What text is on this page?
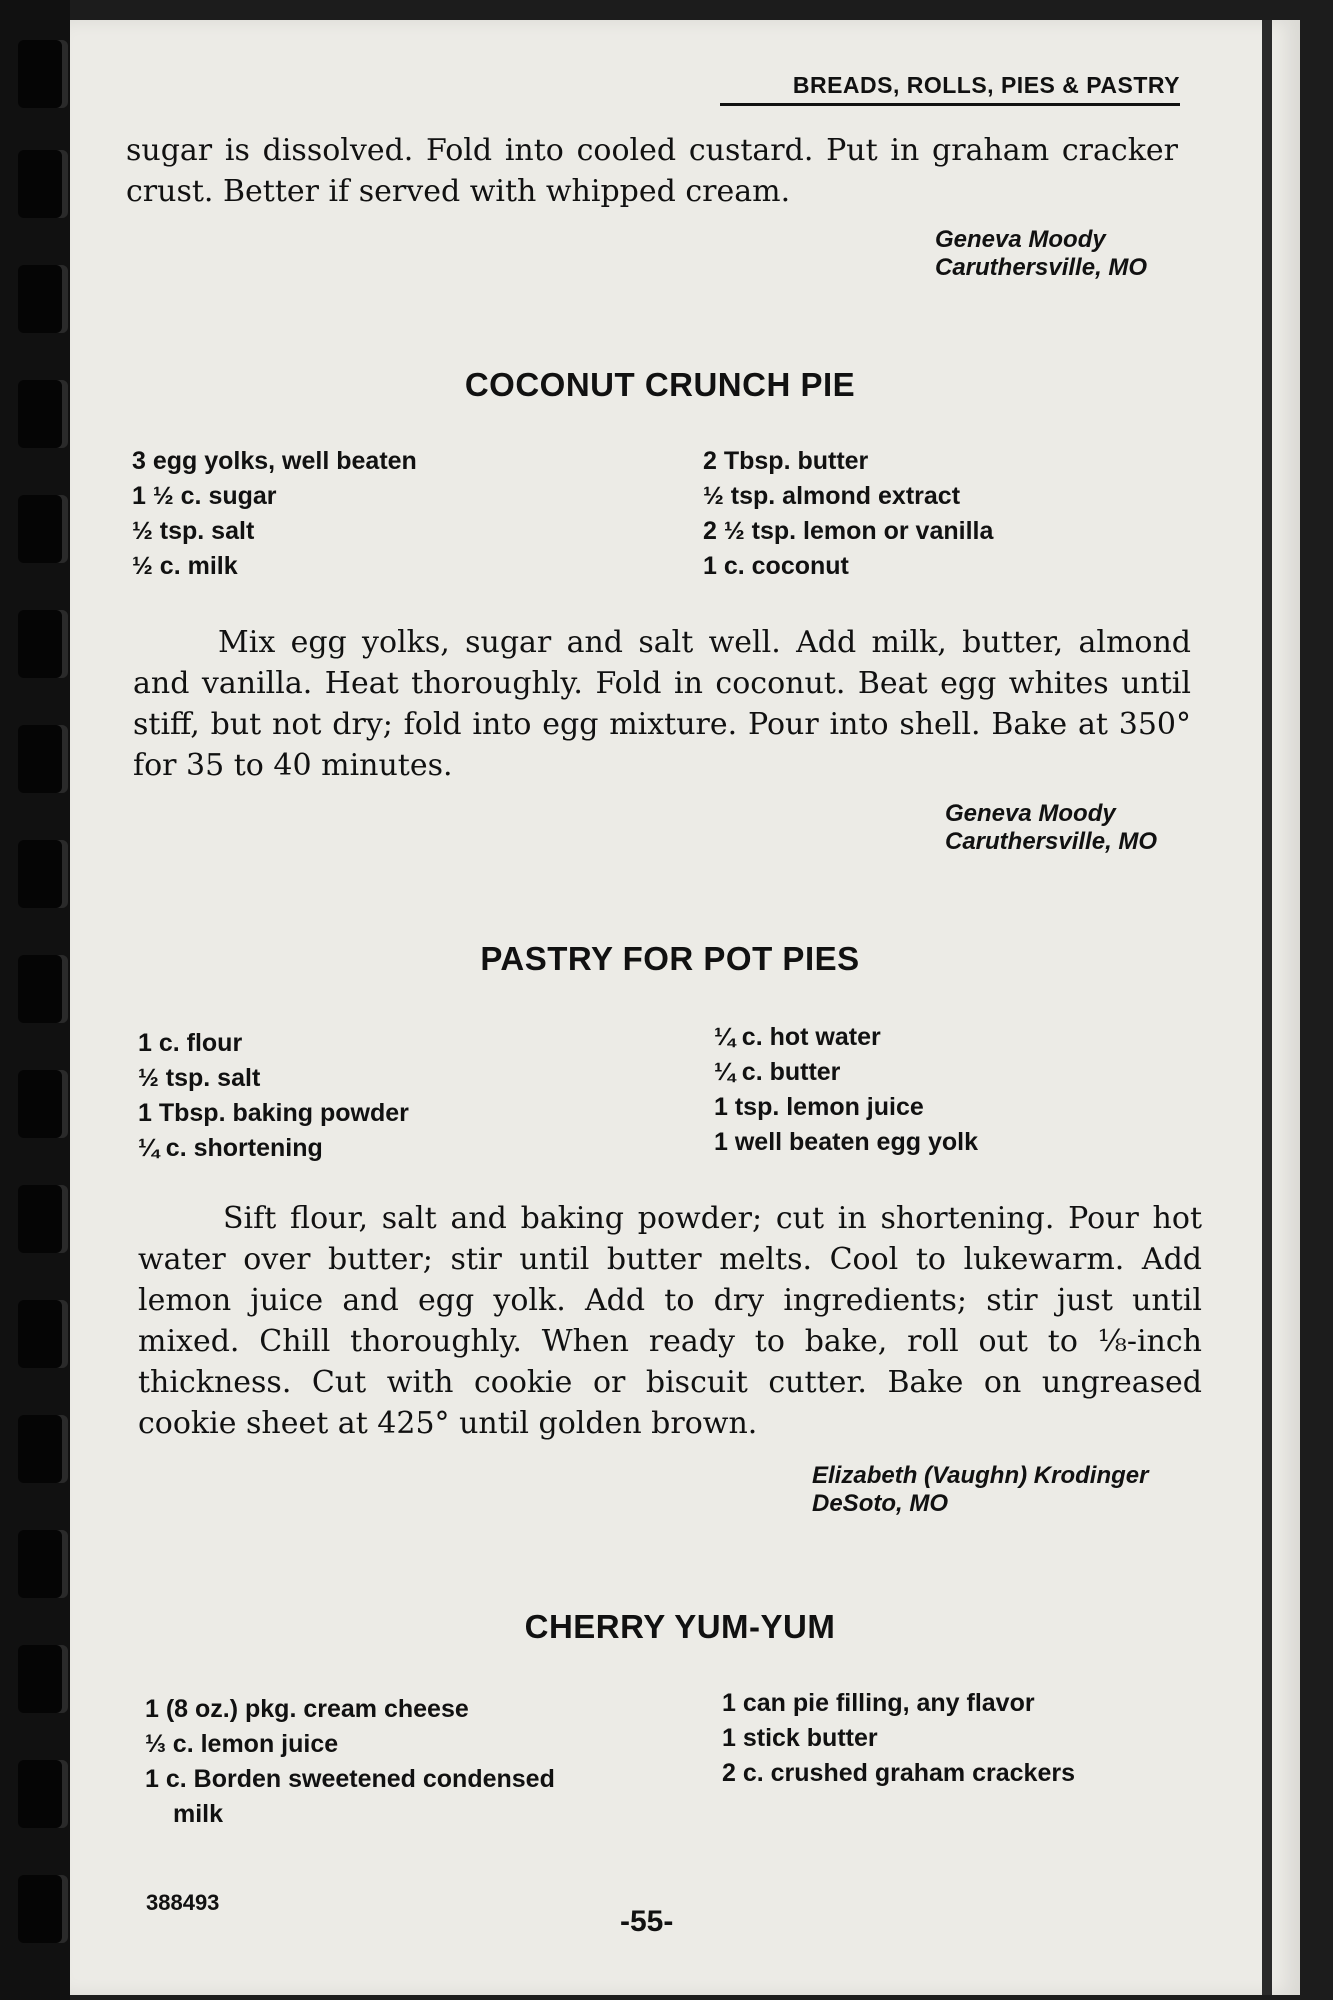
BREADS, ROLLS, PIES & PASTRY
sugar is dissolved. Fold into cooled custard. Put in graham cracker crust. Better if served with whipped cream.
Geneva Moody
Caruthersville, MO
COCONUT CRUNCH PIE
3 egg yolks, well beaten
1 ½ c. sugar
½ tsp. salt
½ c. milk
2 Tbsp. butter
½ tsp. almond extract
2 ½ tsp. lemon or vanilla
1 c. coconut
Mix egg yolks, sugar and salt well. Add milk, butter, almond and vanilla. Heat thoroughly. Fold in coconut. Beat egg whites until stiff, but not dry; fold into egg mixture. Pour into shell. Bake at 350° for 35 to 40 minutes.
Geneva Moody
Caruthersville, MO
PASTRY FOR POT PIES
1 c. flour
½ tsp. salt
1 Tbsp. baking powder
¼ c. shortening
¼ c. hot water
¼ c. butter
1 tsp. lemon juice
1 well beaten egg yolk
Sift flour, salt and baking powder; cut in shortening. Pour hot water over butter; stir until butter melts. Cool to lukewarm. Add lemon juice and egg yolk. Add to dry ingredients; stir just until mixed. Chill thoroughly. When ready to bake, roll out to ⅛-inch thickness. Cut with cookie or biscuit cutter. Bake on ungreased cookie sheet at 425° until golden brown.
Elizabeth (Vaughn) Krodinger
DeSoto, MO
CHERRY YUM-YUM
1 (8 oz.) pkg. cream cheese
⅓ c. lemon juice
1 c. Borden sweetened condensed
milk
1 can pie filling, any flavor
1 stick butter
2 c. crushed graham crackers
388493
-55-
